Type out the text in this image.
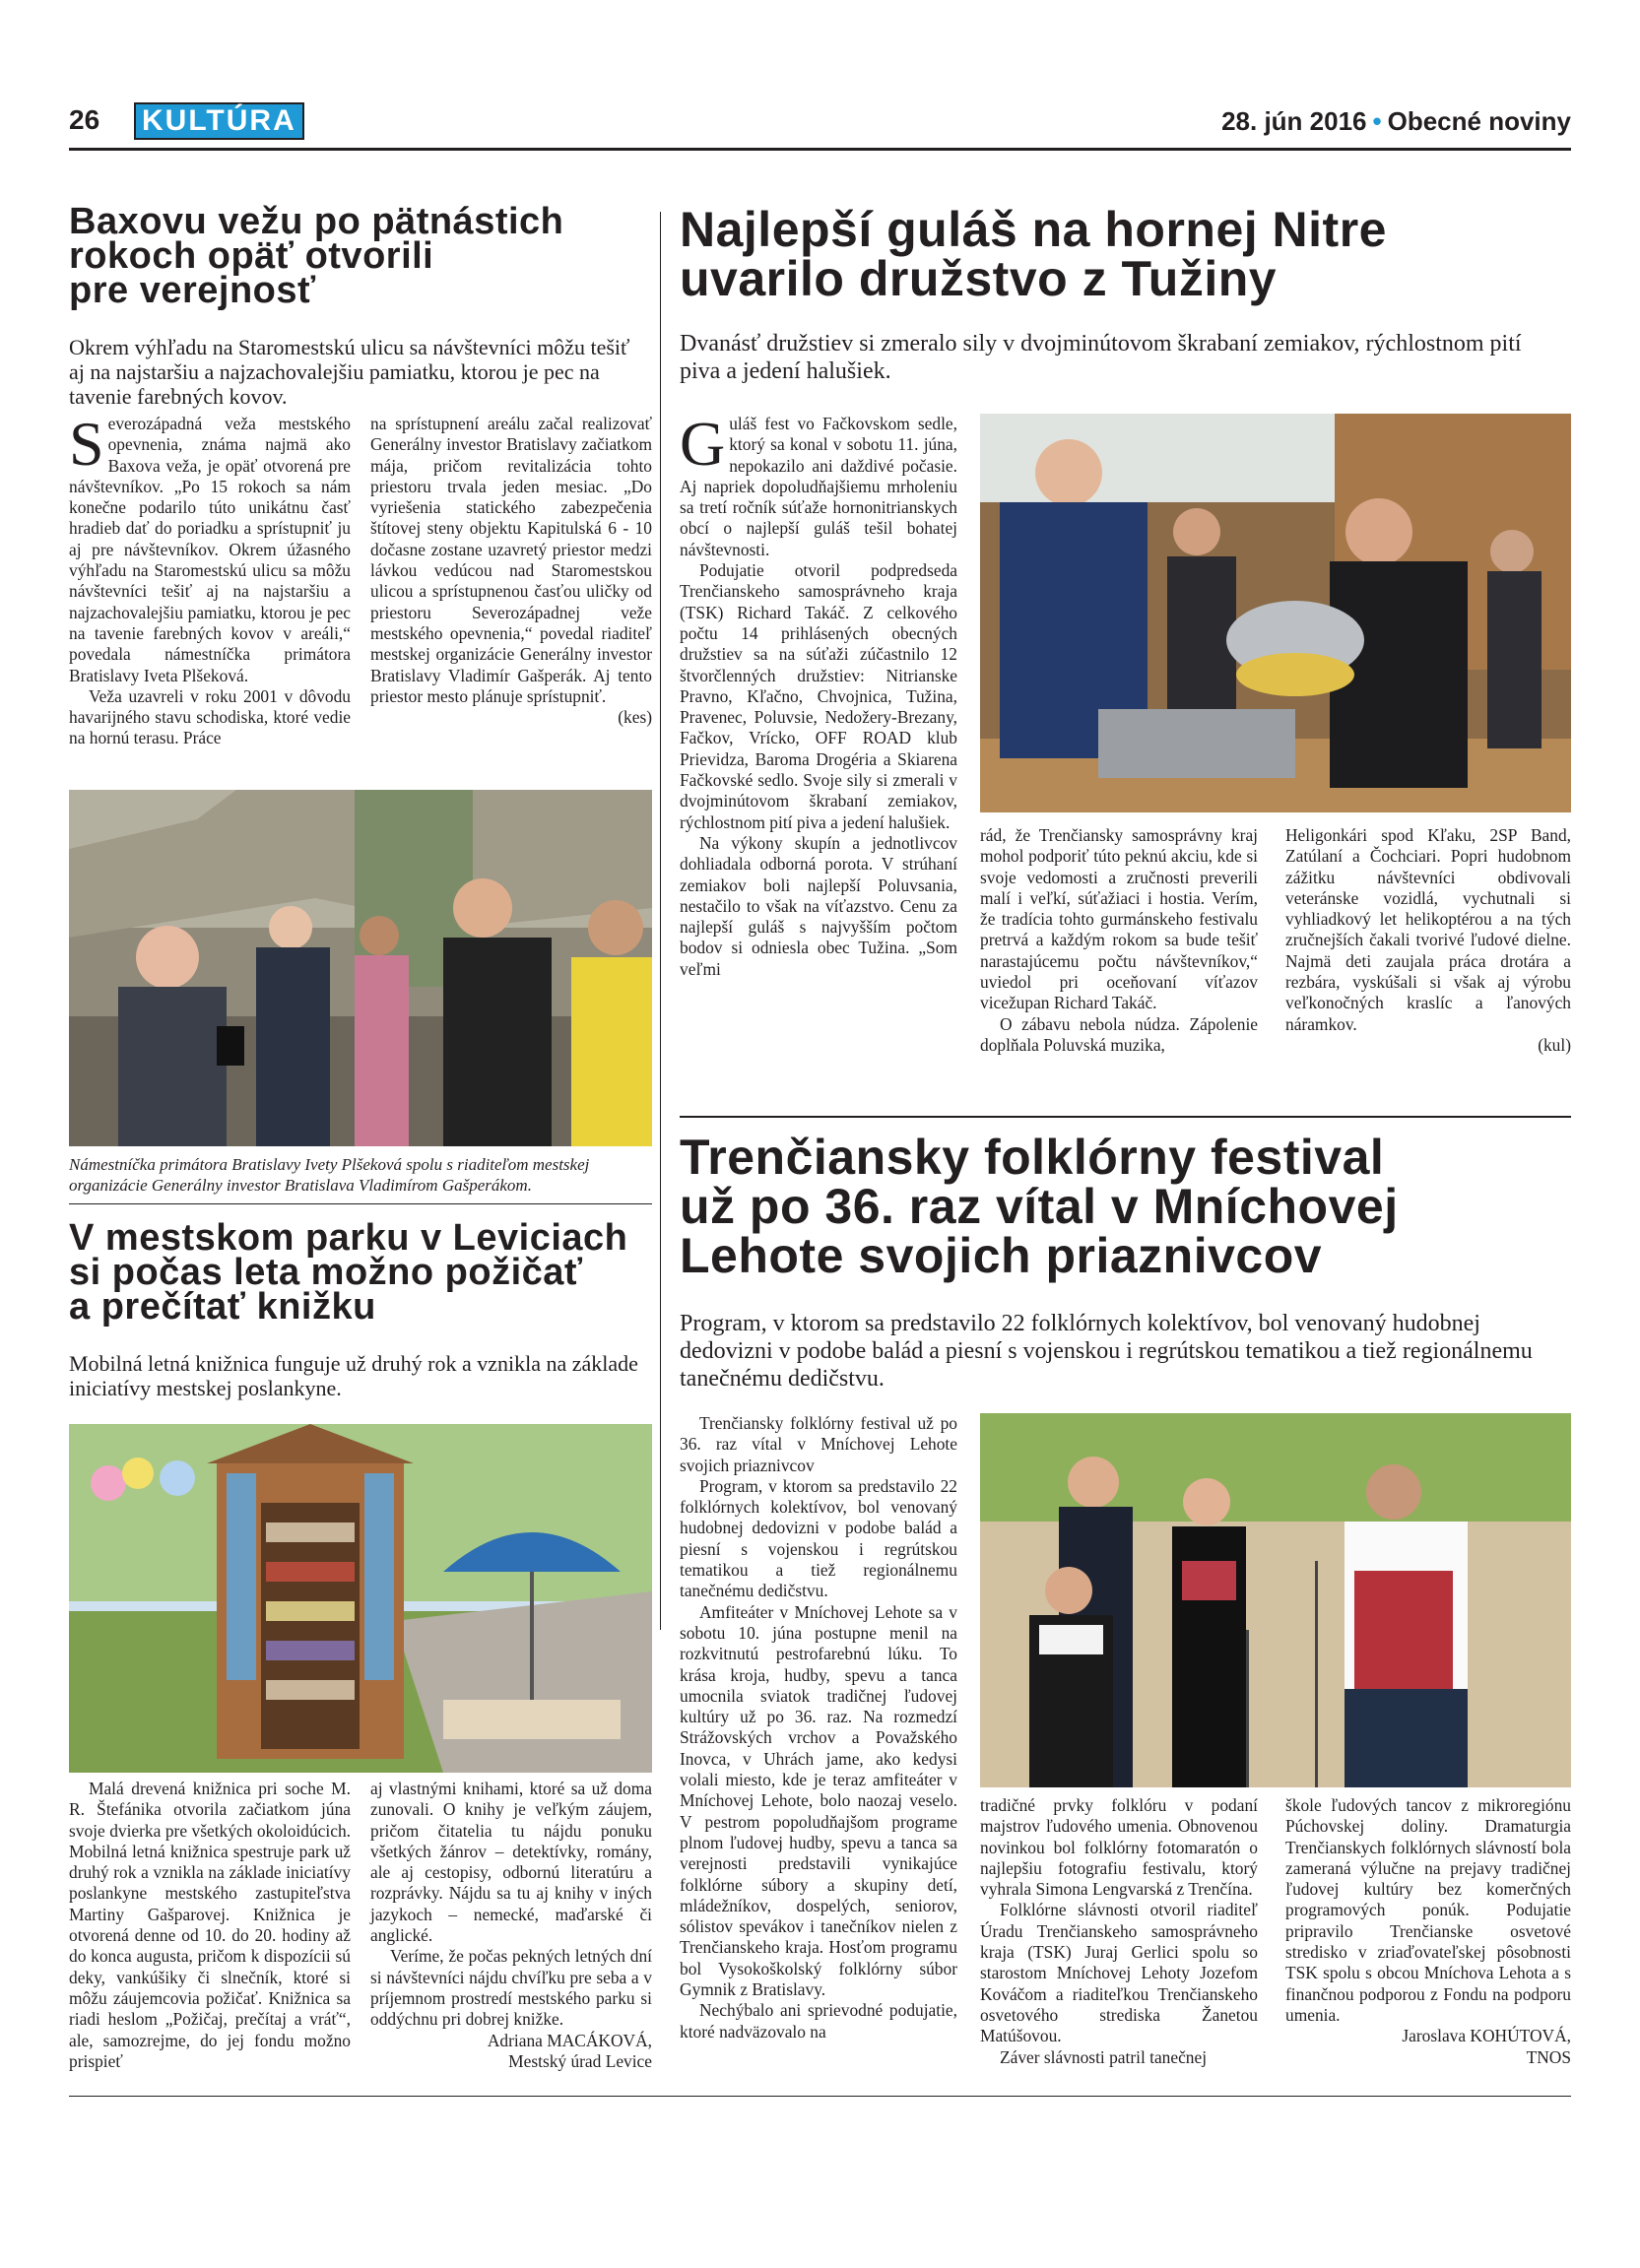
26 KULTÚRA	28. jún 2016 • Obecné noviny
Baxovu vežu po pätnástich
rokoch opäť otvorili
pre verejnosť
Okrem výhľadu na Staromestskú ulicu sa návštevníci môžu tešiť aj na najstaršiu a najzachovalejšiu pamiatku, ktorou je pec na tavenie farebných kovov.

Severozápadná veža mestského opevnenia, známa najmä ako Baxova veža, je opäť otvorená pre návštevníkov. „Po 15 rokoch sa nám konečne podarilo túto unikátnu časť hradieb dať do poriadku a sprístupniť ju aj pre návštevníkov. Okrem úžasného výhľadu na Staromestskú ulicu sa môžu návštevníci tešiť aj na najstaršiu a najzachovalejšiu pamiatku, ktorou je pec na tavenie farebných kovov v areáli,“ povedala námestníčka primátora Bratislavy Iveta Plšeková.

Veža uzavreli v roku 2001 v dôvodu havarijného stavu schodiska, ktoré vedie na hornú terasu. Práce

na sprístupnení areálu začal realizovať Generálny investor Bratislavy začiatkom mája, pričom revitalizácia tohto priestoru trvala jeden mesiac. „Do vyriešenia statického zabezpečenia štítovej steny objektu Kapitulská 6 - 10 dočasne zostane uzavretý priestor medzi lávkou vedúcou nad Staromestskou ulicou a sprístupnenou časťou uličky od priestoru Severozápadnej veže mestského opevnenia,“ povedal riaditeľ mestskej organizácie Generálny investor Bratislavy Vladimír Gašperák. Aj tento priestor mesto plánuje sprístupniť.

(kes)

Námestníčka primátora Bratislavy Ivety Plšeková spolu s riaditeľom mestskej organizácie Generálny investor Bratislava Vladimírom Gašperákom.
V mestskom parku v Leviciach
si počas leta možno požičať
a prečítať knižku
Mobilná letná knižnica funguje už druhý rok a vznikla na základe iniciatívy mestskej poslankyne.

Malá drevená knižnica pri soche M. R. Štefánika otvorila začiatkom júna svoje dvierka pre všetkých okoloidúcich. Mobilná letná knižnica spestruje park už druhý rok a vznikla na základe iniciatívy poslankyne mestského zastupiteľstva Martiny Gašparovej. Knižnica je otvorená denne od 10. do 20. hodiny až do konca augusta, pričom k dispozícii sú deky, vankúšiky či slnečník, ktoré si môžu záujemcovia požičať. Knižnica sa riadi heslom „Požičaj, prečítaj a vráť“, ale, samozrejme, do jej fondu možno prispieť

aj vlastnými knihami, ktoré sa už doma zunovali. O knihy je veľkým záujem, pričom čitatelia tu nájdu ponuku všetkých žánrov – detektívky, romány, ale aj cestopisy, odbornú literatúru a rozprávky. Nájdu sa tu aj knihy v iných jazykoch – nemecké, maďarské či anglické.

Veríme, že počas pekných letných dní si návštevníci nájdu chvíľku pre seba a v príjemnom prostredí mestského parku si oddýchnu pri dobrej knižke.

Adriana MACÁKOVÁ,

Mestský úrad Levice

Najlepší guláš na hornej Nitre
uvarilo družstvo z Tužiny
Dvanásť družstiev si zmeralo sily v dvojminútovom škrabaní zemiakov, rýchlostnom pití piva a jedení halušiek.

Guláš fest vo Fačkovskom sedle, ktorý sa konal v sobotu 11. júna, nepokazilo ani daždivé počasie. Aj napriek dopoludňajšiemu mrholeniu sa tretí ročník súťaže hornonitrianskych obcí o najlepší guláš tešil bohatej návštevnosti.

Podujatie otvoril podpredseda Trenčianskeho samosprávneho kraja (TSK) Richard Takáč. Z celkového počtu 14 prihlásených obecných družstiev sa na súťaži zúčastnilo 12 štvorčlenných družstiev: Nitrianske Pravno, Kľačno, Chvojnica, Tužina, Pravenec, Poluvsie, Nedožery-Brezany, Fačkov, Vrícko, OFF ROAD klub Prievidza, Baroma Drogéria a Skiarena Fačkovské sedlo. Svoje sily si zmerali v dvojminútovom škrabaní zemiakov, rýchlostnom pití piva a jedení halušiek.

Na výkony skupín a jednotlivcov dohliadala odborná porota. V strúhaní zemiakov boli najlepší Poluvsania, nestačilo to však na víťazstvo. Cenu za najlepší guláš s najvyšším počtom bodov si odniesla obec Tužina. „Som veľmi

rád, že Trenčiansky samosprávny kraj mohol podporiť túto peknú akciu, kde si svoje vedomosti a zručnosti preverili malí i veľkí, súťažiaci i hostia. Verím, že tradícia tohto gurmánskeho festivalu pretrvá a každým rokom sa bude tešiť narastajúcemu počtu návštevníkov,“ uviedol pri oceňovaní víťazov vicežupan Richard Takáč.

O zábavu nebola núdza. Zápolenie doplňala Poluvská muzika,

Heligonkári spod Kľaku, 2SP Band, Zatúlaní a Čochciari. Popri hudobnom zážitku návštevníci obdivovali veteránske vozidlá, vychutnali si vyhliadkový let helikoptérou a na tých zručnejších čakali tvorivé ľudové dielne. Najmä deti zaujala práca drotára a rezbára, vyskúšali si však aj výrobu veľkonočných kraslíc a ľanových náramkov.

(kul)

Trenčiansky folklórny festival
už po 36. raz vítal v Mníchovej
Lehote svojich priaznivcov
Program, v ktorom sa predstavilo 22 folklórnych kolektívov, bol venovaný hudobnej dedovizni v podobe balád a piesní s vojenskou i regrútskou tematikou a tiež regionálnemu tanečnému dedičstvu.

Trenčiansky folklórny festival už po 36. raz vítal v Mníchovej Lehote svojich priaznivcov

Program, v ktorom sa predstavilo 22 folklórnych kolektívov, bol venovaný hudobnej dedovizni v podobe balád a piesní s vojenskou i regrútskou tematikou a tiež regionálnemu tanečnému dedičstvu.

Amfiteáter v Mníchovej Lehote sa v sobotu 10. júna postupne menil na rozkvitnutú pestrofarebnú lúku. To krása kroja, hudby, spevu a tanca umocnila sviatok tradičnej ľudovej kultúry už po 36. raz. Na rozmedzí Strážovských vrchov a Považského Inovca, v Uhrách jame, ako kedysi volali miesto, kde je teraz amfiteáter v Mníchovej Lehote, bolo naozaj veselo. V pestrom popoludňajšom programe plnom ľudovej hudby, spevu a tanca sa verejnosti predstavili vynikajúce folklórne súbory a skupiny detí, mládežníkov, dospelých, seniorov, sólistov spevákov i tanečníkov nielen z Trenčianskeho kraja. Hosťom programu bol Vysokoškolský folklórny súbor Gymnik z Bratislavy.

Nechýbalo ani sprievodné podujatie, ktoré nadväzovalo na

tradičné prvky folklóru v podaní majstrov ľudového umenia. Obnovenou novinkou bol folklórny fotomaratón o najlepšiu fotografiu festivalu, ktorý vyhrala Simona Lengvarská z Trenčína.

Folklórne slávnosti otvoril riaditeľ Úradu Trenčianskeho samosprávneho kraja (TSK) Juraj Gerlici spolu so starostom Mníchovej Lehoty Jozefom Kováčom a riaditeľkou Trenčianskeho osvetového strediska Žanetou Matúšovou.

Záver slávnosti patril tanečnej

škole ľudových tancov z mikroregiónu Púchovskej doliny. Dramaturgia Trenčianskych folklórnych slávností bola zameraná výlučne na prejavy tradičnej ľudovej kultúry bez komerčných programových ponúk. Podujatie pripravilo Trenčianske osvetové stredisko v zriaďovateľskej pôsobnosti TSK spolu s obcou Mníchova Lehota a s finančnou podporou z Fondu na podporu umenia.

Jaroslava KOHÚTOVÁ,

TNOS
